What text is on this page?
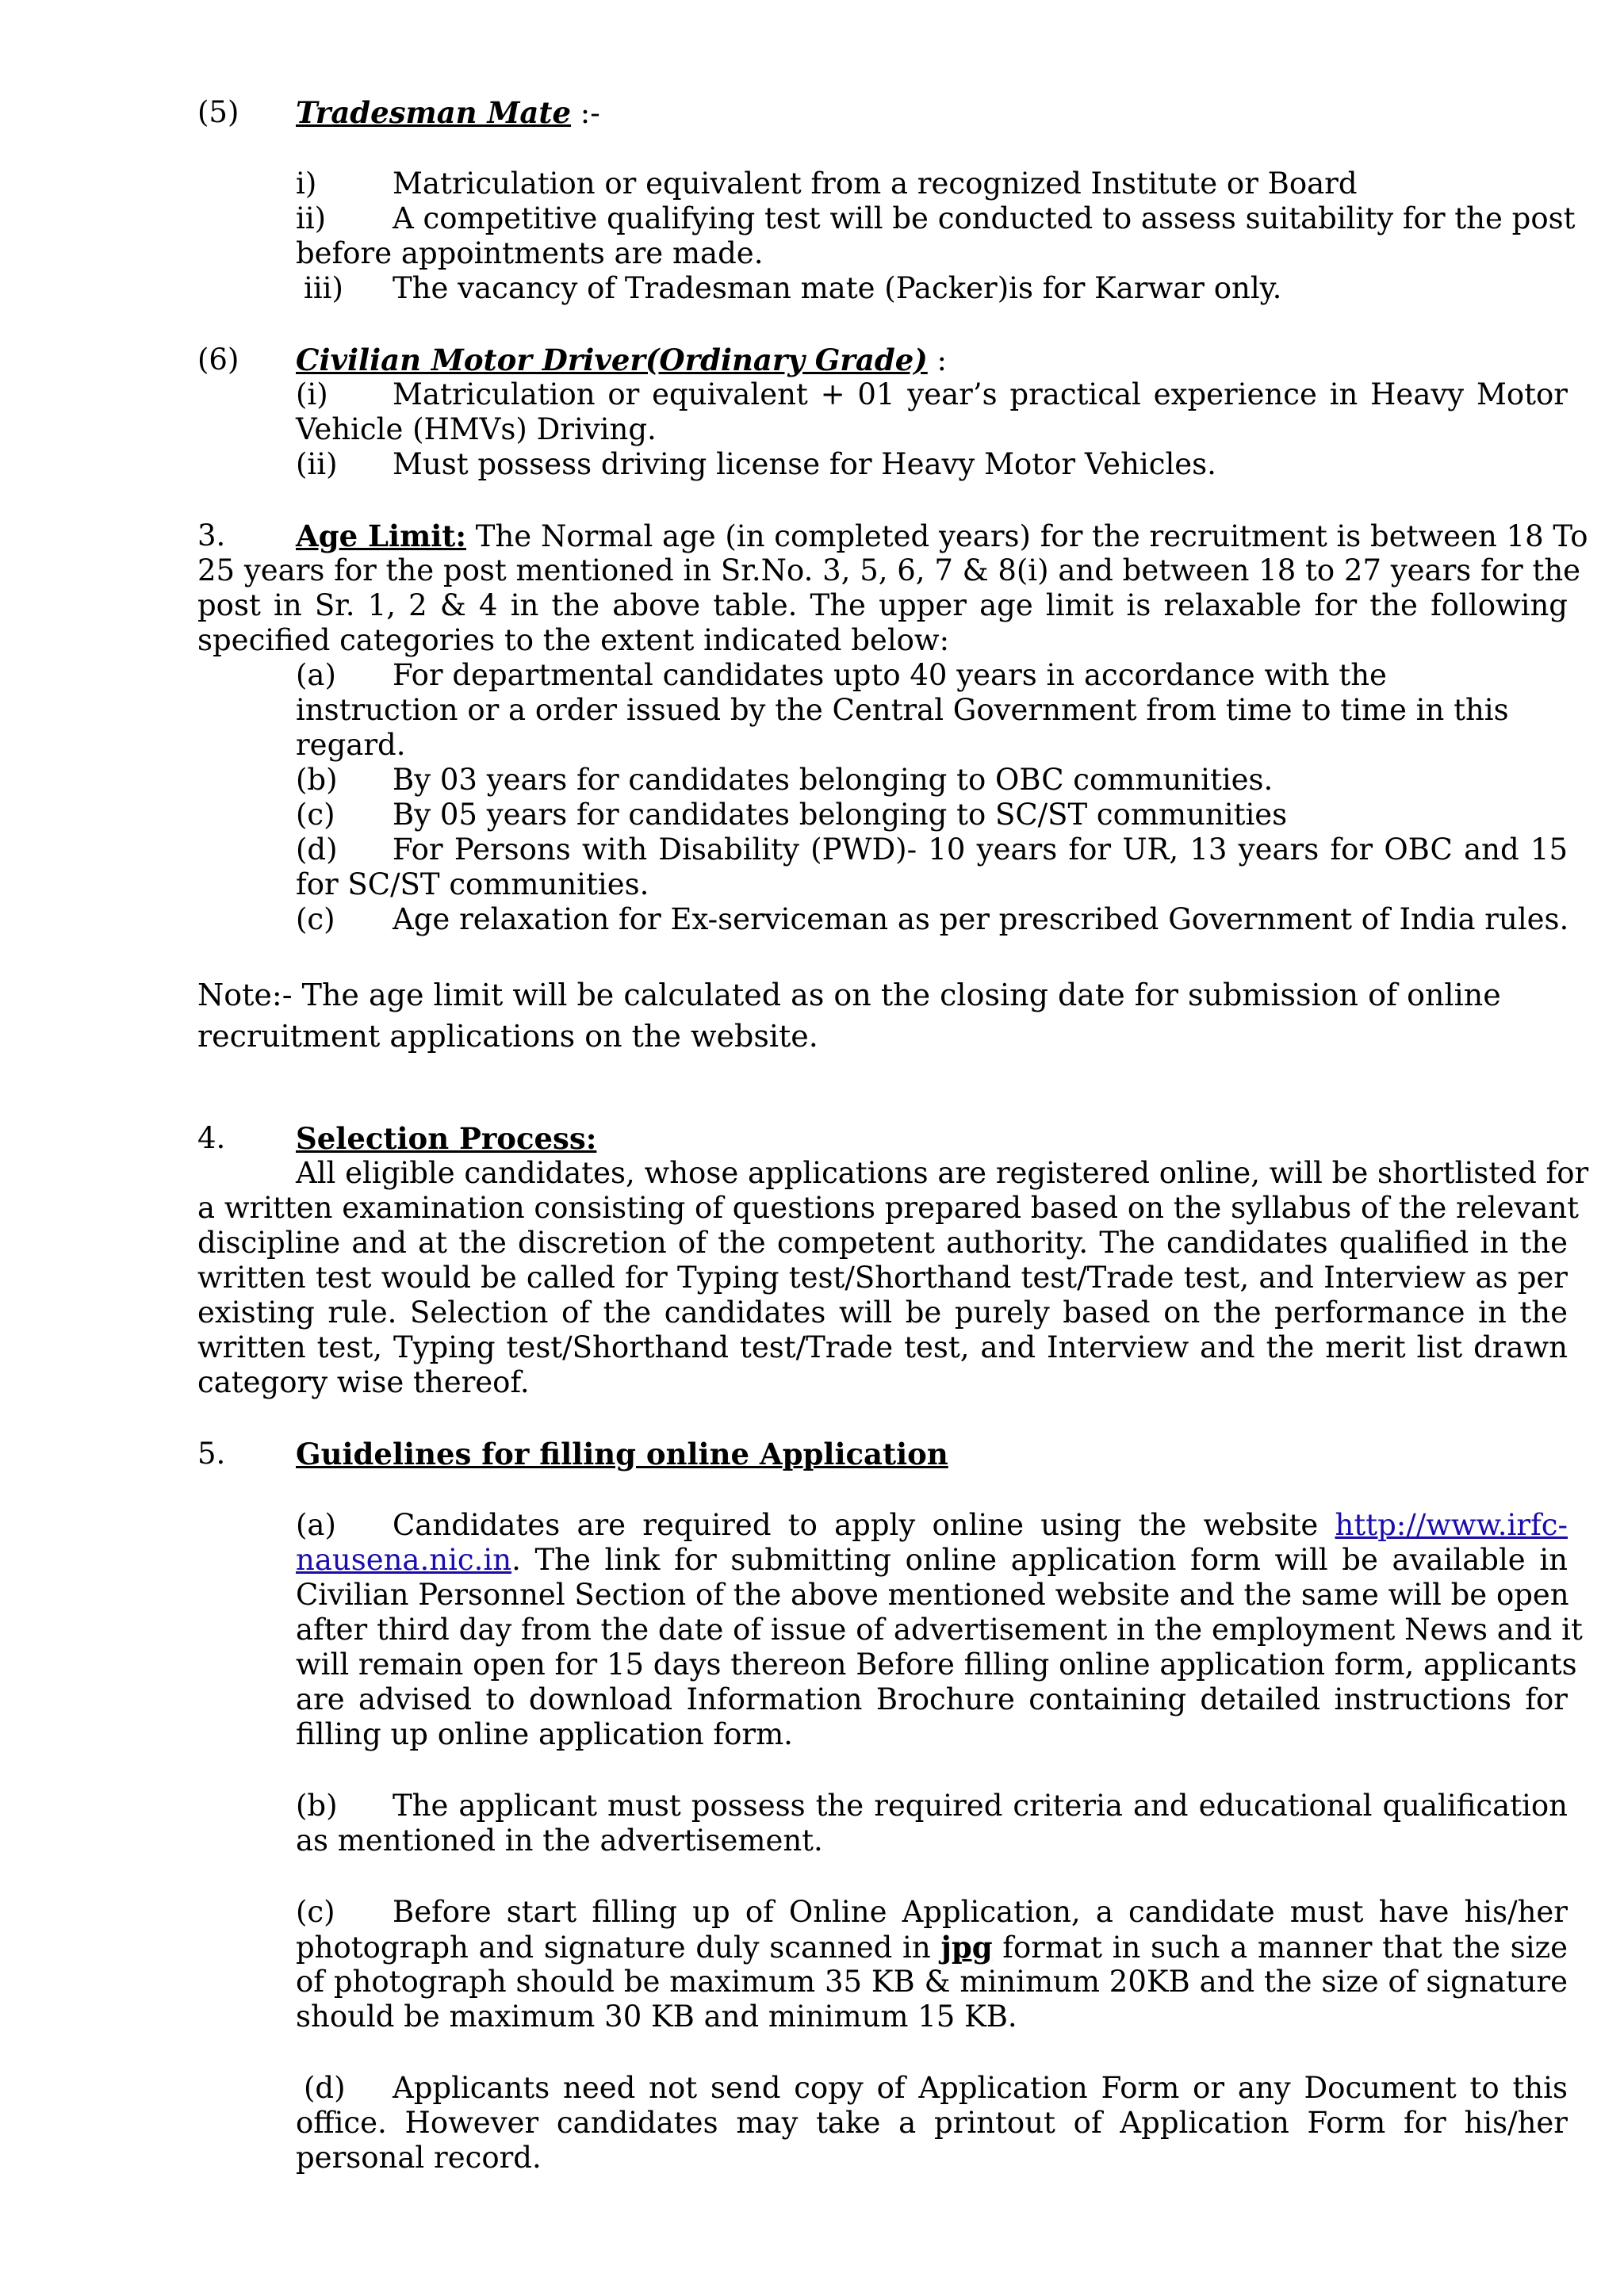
(5) Tradesman Mate :-
i)	Matriculation or equivalent from a recognized Institute or Board
ii) A competitive qualifying test will be conducted to assess suitability for the post
before appointments are made.
iii) The vacancy of Tradesman mate (Packer)is for Karwar only.
(6) Civilian Motor Driver(Ordinary Grade) :
(i) Matriculation or equivalent + 01 year’s practical experience in Heavy Motor
Vehicle (HMVs) Driving.
(ii) Must possess driving license for Heavy Motor Vehicles.
3. Age Limit: The Normal age (in completed years) for the recruitment is between 18 To
25 years for the post mentioned in Sr.No. 3, 5, 6, 7 & 8(i) and between 18 to 27 years for the
post in Sr. 1, 2 & 4 in the above table. The upper age limit is relaxable for the following
specified categories to the extent indicated below:
(a) For departmental candidates upto 40 years in accordance with the
instruction or a order issued by the Central Government from time to time in this
regard.
(b) By 03 years for candidates belonging to OBC communities.
(c) By 05 years for candidates belonging to SC/ST communities
(d) For Persons with Disability (PWD)- 10 years for UR, 13 years for OBC and 15
for SC/ST communities.
(c) Age relaxation for Ex-serviceman as per prescribed Government of India rules.
Note:- The age limit will be calculated as on the closing date for submission of online
recruitment applications on the website.
4. Selection Process:
All eligible candidates, whose applications are registered online, will be shortlisted for
a written examination consisting of questions prepared based on the syllabus of the relevant
discipline and at the discretion of the competent authority. The candidates qualified in the
written test would be called for Typing test/Shorthand test/Trade test, and Interview as per
existing rule. Selection of the candidates will be purely based on the performance in the
written test, Typing test/Shorthand test/Trade test, and Interview and the merit list drawn
category wise thereof.
5. Guidelines for filling online Application
(a) Candidates are required to apply online using the website http://www.irfc-
nausena.nic.in. The link for submitting online application form will be available in
Civilian Personnel Section of the above mentioned website and the same will be open
after third day from the date of issue of advertisement in the employment News and it
will remain open for 15 days thereon Before filling online application form, applicants
are advised to download Information Brochure containing detailed instructions for
filling up online application form.
(b) The applicant must possess the required criteria and educational qualification
as mentioned in the advertisement.
(c) Before start filling up of Online Application, a candidate must have his/her
photograph and signature duly scanned in jpg format in such a manner that the size
of photograph should be maximum 35 KB & minimum 20KB and the size of signature
should be maximum 30 KB and minimum 15 KB.
(d) Applicants need not send copy of Application Form or any Document to this
office. However candidates may take a printout of Application Form for his/her
personal record.
